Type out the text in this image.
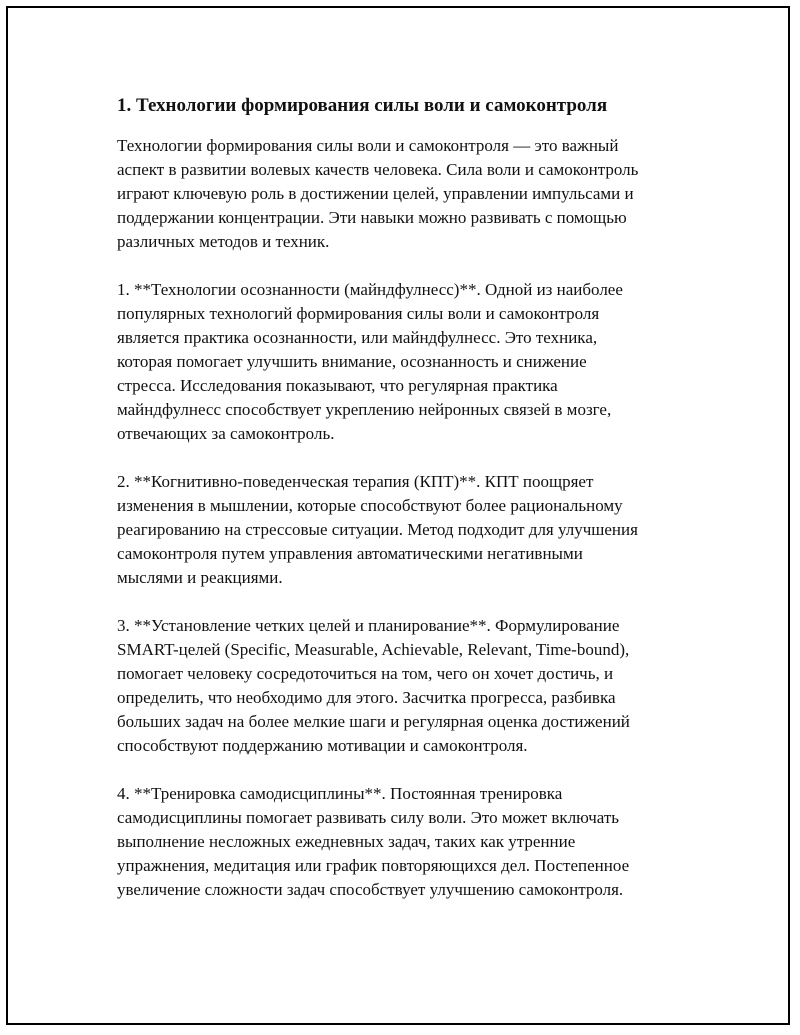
1. Технологии формирования силы воли и самоконтроля

Технологии формирования силы воли и самоконтроля — это важный
аспект в развитии волевых качеств человека. Сила воли и самоконтроль
играют ключевую роль в достижении целей, управлении импульсами и
поддержании концентрации. Эти навыки можно развивать с помощью
различных методов и техник.

1. **Технологии осознанности (майндфулнесс)**. Одной из наиболее
популярных технологий формирования силы воли и самоконтроля
является практика осознанности, или майндфулнесс. Это техника,
которая помогает улучшить внимание, осознанность и снижение
стресса. Исследования показывают, что регулярная практика
майндфулнесс способствует укреплению нейронных связей в мозге,
отвечающих за самоконтроль.

2. **Когнитивно-поведенческая терапия (КПТ)**. КПТ поощряет
изменения в мышлении, которые способствуют более рациональному
реагированию на стрессовые ситуации. Метод подходит для улучшения
самоконтроля путем управления автоматическими негативными
мыслями и реакциями.

3. **Установление четких целей и планирование**. Формулирование
SMART-целей (Specific, Measurable, Achievable, Relevant, Time-bound),
помогает человеку сосредоточиться на том, чего он хочет достичь, и
определить, что необходимо для этого. Засчитка прогресса, разбивка
больших задач на более мелкие шаги и регулярная оценка достижений
способствуют поддержанию мотивации и самоконтроля.

4. **Тренировка самодисциплины**. Постоянная тренировка
самодисциплины помогает развивать силу воли. Это может включать
выполнение несложных ежедневных задач, таких как утренние
упражнения, медитация или график повторяющихся дел. Постепенное
увеличение сложности задач способствует улучшению самоконтроля.
